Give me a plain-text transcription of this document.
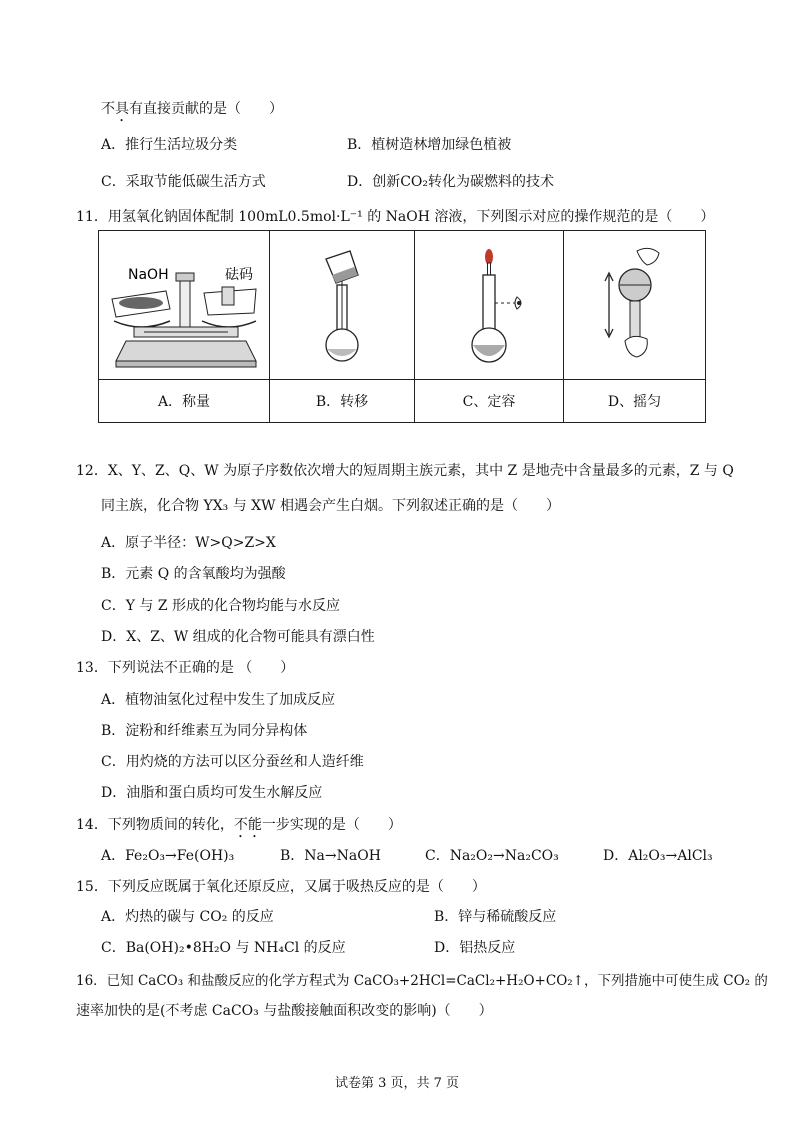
不具有直接贡献的是（　　）
A．推行生活垃圾分类	B．植树造林增加绿色植被
C．采取节能低碳生活方式	D．创新CO₂转化为碳燃料的技术
11．用氢氧化钠固体配制 100mL0.5mol·L⁻¹ 的 NaOH 溶液，下列图示对应的操作规范的是（　　）
NaOH 砝码

A．称量	B．转移	C、定容	D、摇匀
12．X、Y、Z、Q、W 为原子序数依次增大的短周期主族元素，其中 Z 是地壳中含量最多的元素，Z 与 Q
同主族，化合物 YX₃ 与 XW 相遇会产生白烟。下列叙述正确的是（　　）
A．原子半径：W>Q>Z>X
B．元素 Q 的含氧酸均为强酸
C．Y 与 Z 形成的化合物均能与水反应
D．X、Z、W 组成的化合物可能具有漂白性
13．下列说法不正确的是 （　　）
A．植物油氢化过程中发生了加成反应
B．淀粉和纤维素互为同分异构体
C．用灼烧的方法可以区分蚕丝和人造纤维
D．油脂和蛋白质均可发生水解反应
14．下列物质间的转化，不能一步实现的是（　　）
A．Fe₂O₃→Fe(OH)₃	B．Na→NaOH	C．Na₂O₂→Na₂CO₃	D．Al₂O₃→AlCl₃
15．下列反应既属于氧化还原反应，又属于吸热反应的是（　　）
A．灼热的碳与 CO₂ 的反应	B．锌与稀硫酸反应
C．Ba(OH)₂•8H₂O 与 NH₄Cl 的反应	D．铝热反应
16．已知 CaCO₃ 和盐酸反应的化学方程式为 CaCO₃+2HCl=CaCl₂+H₂O+CO₂↑，下列措施中可使生成 CO₂ 的
速率加快的是(不考虑 CaCO₃ 与盐酸接触面积改变的影响)（　　）
试卷第 3 页，共 7 页
